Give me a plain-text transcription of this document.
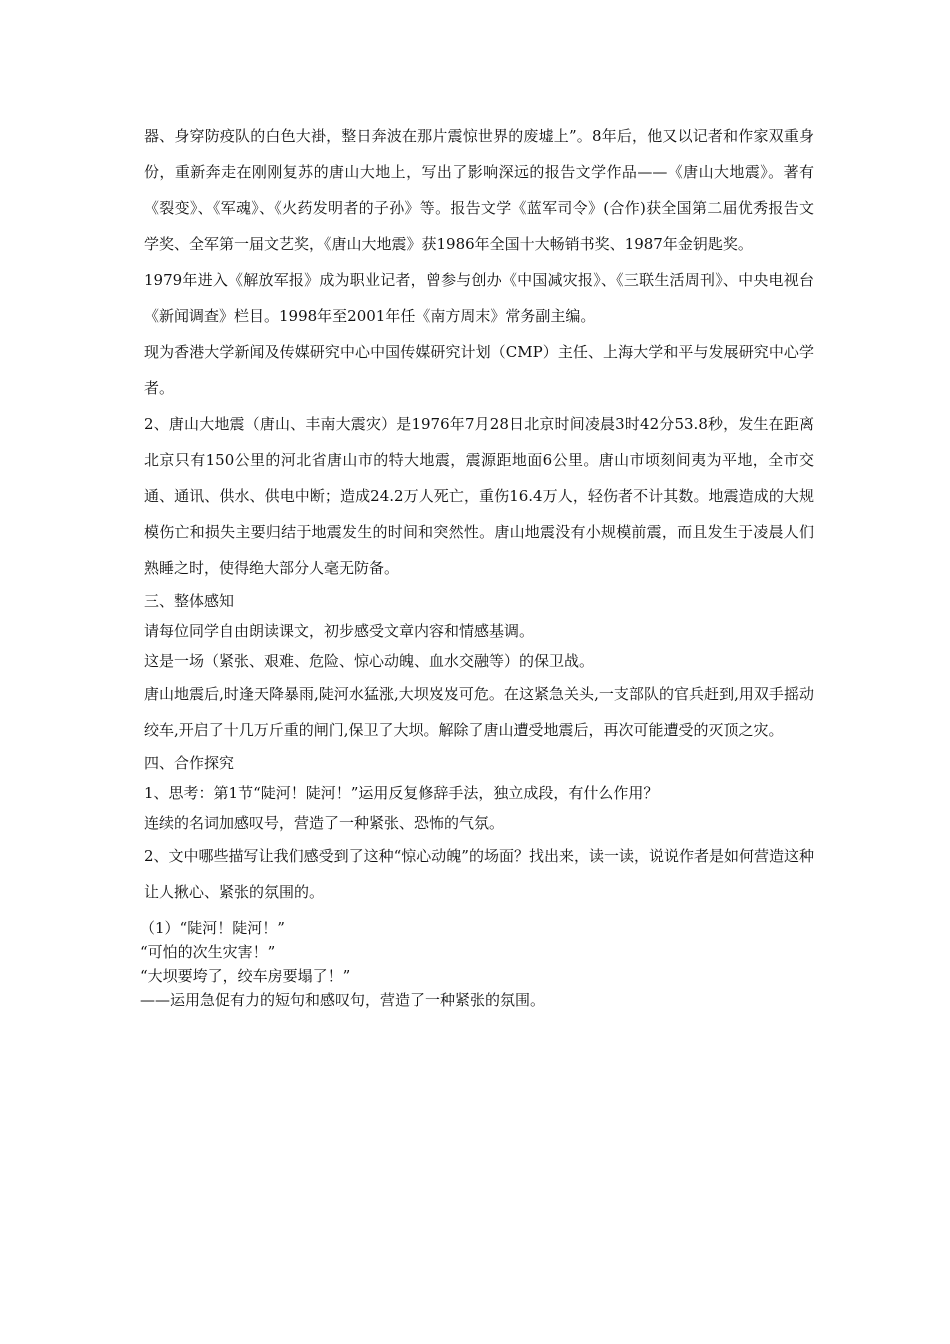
器、身穿防疫队的白色大褂，整日奔波在那片震惊世界的废墟上”。8年后，他又以记者和作家双重身份，重新奔走在刚刚复苏的唐山大地上，写出了影响深远的报告文学作品——《唐山大地震》。著有《裂变》、《军魂》、《火药发明者的子孙》等。报告文学《蓝军司令》(合作)获全国第二届优秀报告文学奖、全军第一届文艺奖，《唐山大地震》获1986年全国十大畅销书奖、1987年金钥匙奖。

1979年进入《解放军报》成为职业记者，曾参与创办《中国减灾报》、《三联生活周刊》、中央电视台《新闻调查》栏目。1998年至2001年任《南方周末》常务副主编。

现为香港大学新闻及传媒研究中心中国传媒研究计划（CMP）主任、上海大学和平与发展研究中心学者。

2、唐山大地震（唐山、丰南大震灾）是1976年7月28日北京时间凌晨3时42分53.8秒，发生在距离北京只有150公里的河北省唐山市的特大地震，震源距地面6公里。唐山市顷刻间夷为平地，全市交通、通讯、供水、供电中断；造成24.2万人死亡，重伤16.4万人，轻伤者不计其数。地震造成的大规模伤亡和损失主要归结于地震发生的时间和突然性。唐山地震没有小规模前震，而且发生于凌晨人们熟睡之时，使得绝大部分人毫无防备。

三、整体感知

请每位同学自由朗读课文，初步感受文章内容和情感基调。

这是一场（紧张、艰难、危险、惊心动魄、血水交融等）的保卫战。

唐山地震后,时逢天降暴雨,陡河水猛涨,大坝岌岌可危。在这紧急关头,一支部队的官兵赶到,用双手摇动绞车,开启了十几万斤重的闸门,保卫了大坝。解除了唐山遭受地震后，再次可能遭受的灭顶之灾。

四、合作探究

1、思考：第1节“陡河！陡河！”运用反复修辞手法，独立成段，有什么作用？

连续的名词加感叹号，营造了一种紧张、恐怖的气氛。

2、文中哪些描写让我们感受到了这种“惊心动魄”的场面？找出来，读一读，说说作者是如何营造这种让人揪心、紧张的氛围的。

（1）“陡河！陡河！”

“可怕的次生灾害！”

“大坝要垮了，绞车房要塌了！”

——运用急促有力的短句和感叹句，营造了一种紧张的氛围。
